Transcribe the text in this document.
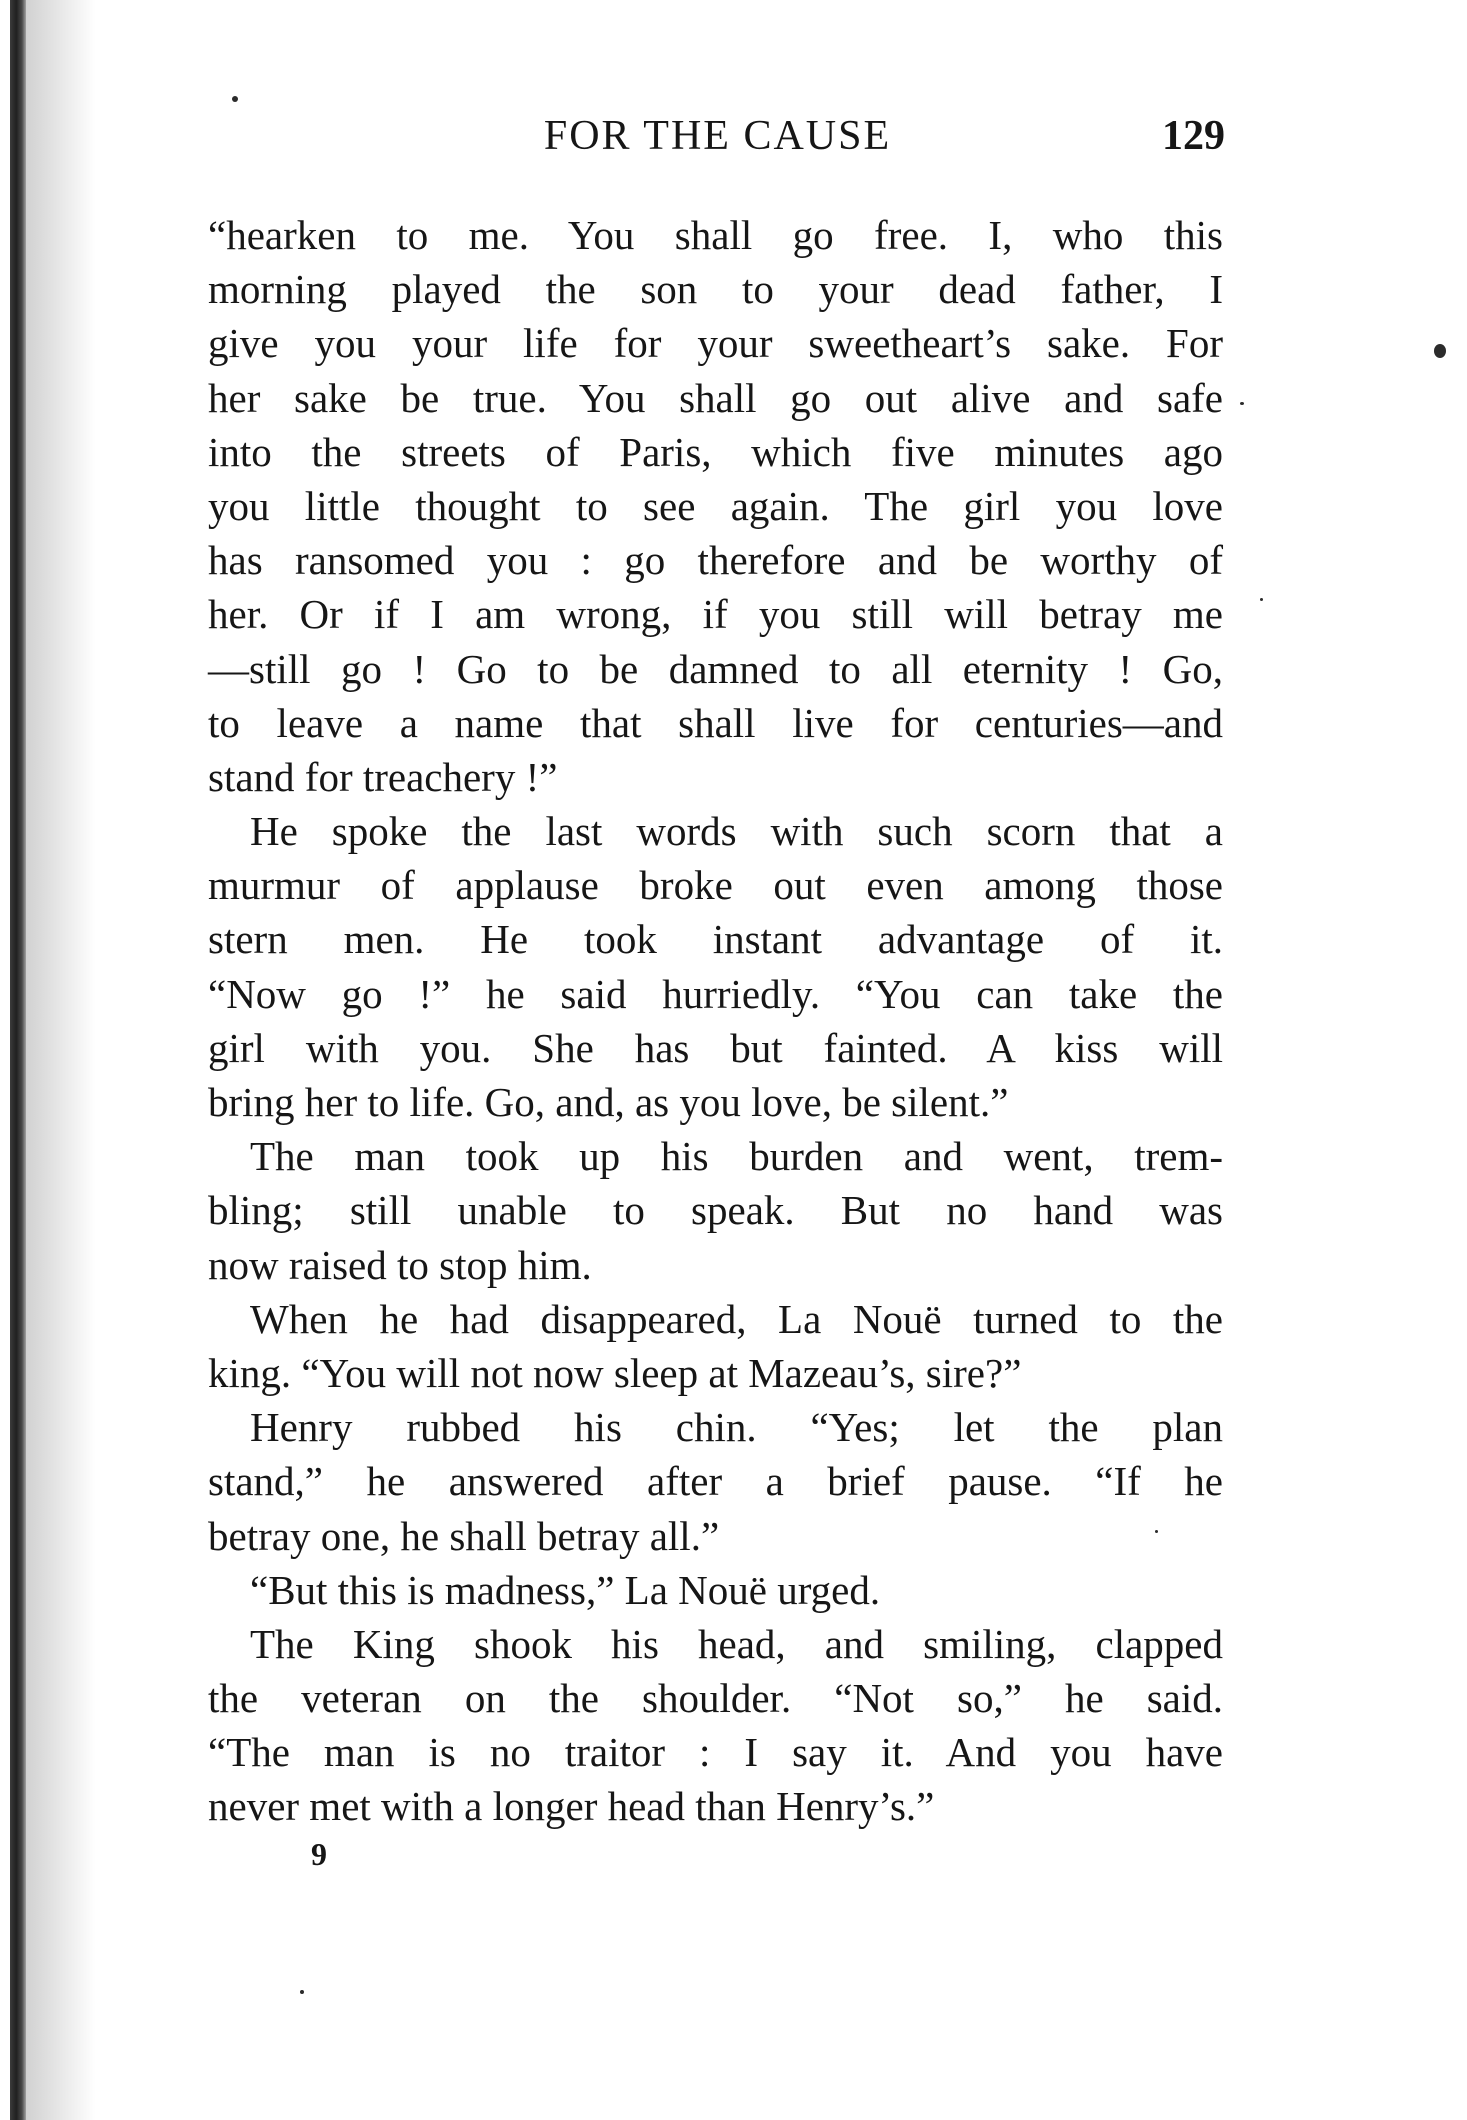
FOR THE CAUSE	129
“hearken to me. You shall go free. I, who this
morning played the son to your dead father, I
give you your life for your sweetheart’s sake. For
her sake be true. You shall go out alive and safe
into the streets of Paris, which five minutes ago
you little thought to see again. The girl you love
has ransomed you : go therefore and be worthy of
her. Or if I am wrong, if you still will betray me
—still go ! Go to be damned to all eternity ! Go,
to leave a name that shall live for centuries—and
stand for treachery !”
He spoke the last words with such scorn that a
murmur of applause broke out even among those
stern men. He took instant advantage of it.
“Now go !” he said hurriedly. “You can take the
girl with you. She has but fainted. A kiss will
bring her to life. Go, and, as you love, be silent.”
The man took up his burden and went, trem-
bling; still unable to speak. But no hand was
now raised to stop him.
When he had disappeared, La Nouë turned to the
king. “You will not now sleep at Mazeau’s, sire?”
Henry rubbed his chin. “Yes; let the plan
stand,” he answered after a brief pause. “If he
betray one, he shall betray all.”
“But this is madness,” La Nouë urged.
The King shook his head, and smiling, clapped
the veteran on the shoulder. “Not so,” he said.
“The man is no traitor : I say it. And you have
never met with a longer head than Henry’s.”
9
